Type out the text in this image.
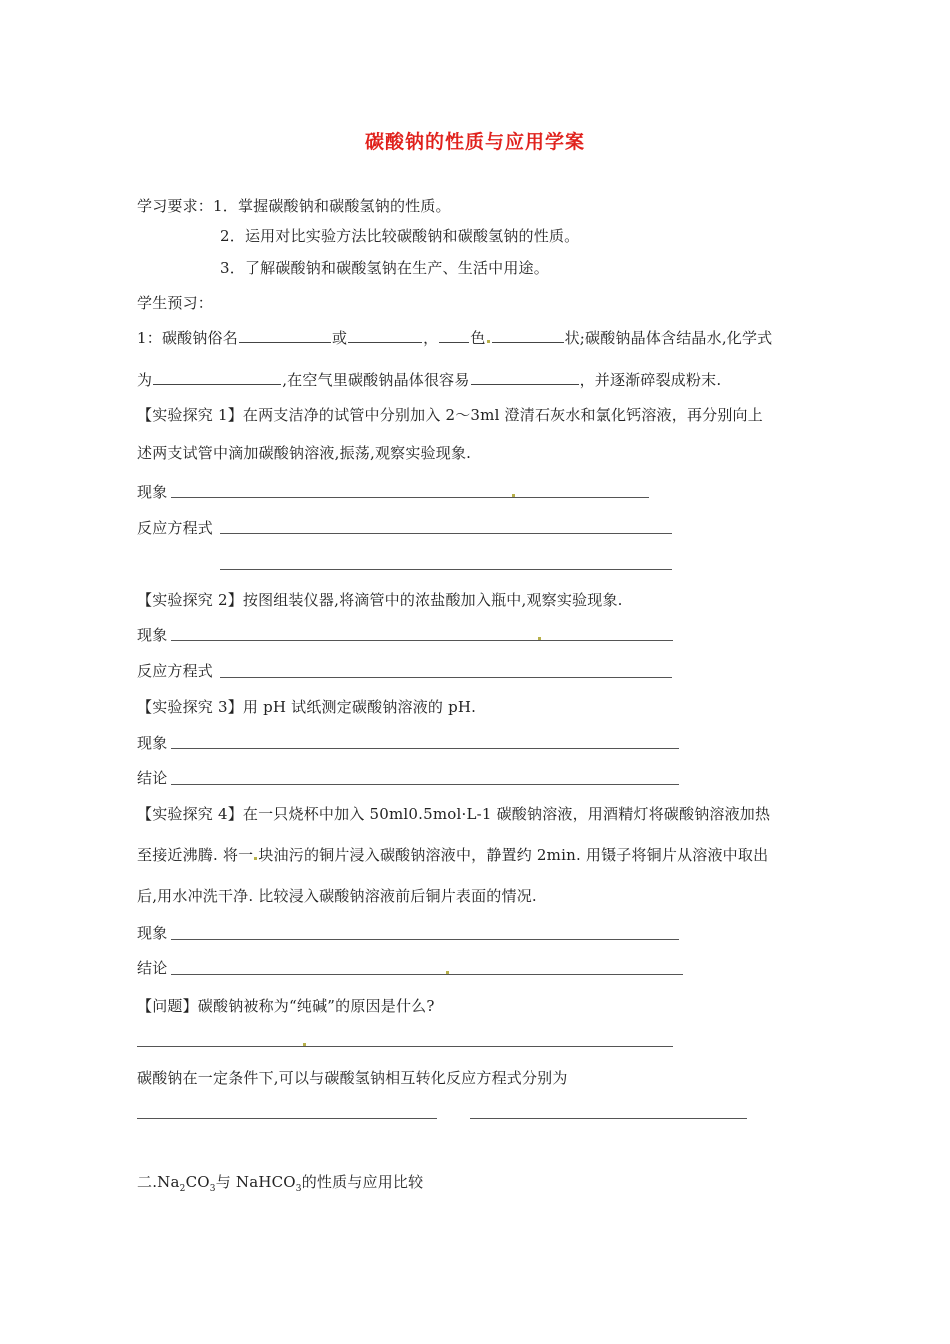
碳酸钠的性质与应用学案
学习要求：1．掌握碳酸钠和碳酸氢钠的性质。
2．运用对比实验方法比较碳酸钠和碳酸氢钠的性质。
3．了解碳酸钠和碳酸氢钠在生产、生活中用途。
学生预习：
1：碳酸钠俗名	或	， 色	状;碳酸钠晶体含结晶水,化学式
为	,在空气里碳酸钠晶体很容易	，并逐渐碎裂成粉末.
【实验探究 1】在两支洁净的试管中分别加入 2～3ml 澄清石灰水和氯化钙溶液，再分别向上
述两支试管中滴加碳酸钠溶液,振荡,观察实验现象.
现象
反应方程式
【实验探究 2】按图组装仪器,将滴管中的浓盐酸加入瓶中,观察实验现象.
现象
反应方程式
【实验探究 3】用 pH 试纸测定碳酸钠溶液的 pH.
现象
结论
【实验探究 4】在一只烧杯中加入 50ml0.5mol·L-1 碳酸钠溶液，用酒精灯将碳酸钠溶液加热
至接近沸腾. 将一 块油污的铜片浸入碳酸钠溶液中，静置约 2min. 用镊子将铜片从溶液中取出
后,用水冲洗干净. 比较浸入碳酸钠溶液前后铜片表面的情况.
现象
结论
【问题】碳酸钠被称为“纯碱”的原因是什么?
碳酸钠在一定条件下,可以与碳酸氢钠相互转化反应方程式分别为
二$.Na_2CO_3$与 NaHCO$_3$的性质与应用比较
